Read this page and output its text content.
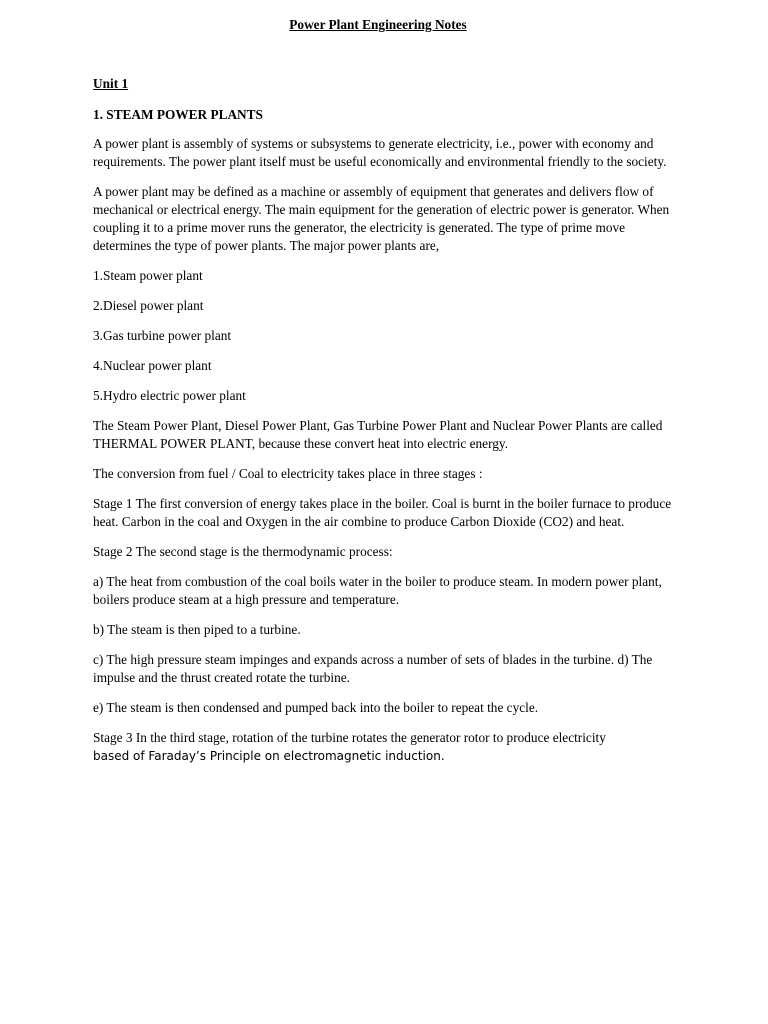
Power Plant Engineering Notes
Unit 1
1. STEAM POWER PLANTS

A power plant is assembly of systems or subsystems to generate electricity, i.e., power with economy and requirements. The power plant itself must be useful economically and environmental friendly to the society.

A power plant may be defined as a machine or assembly of equipment that generates and delivers flow of mechanical or electrical energy. The main equipment for the generation of electric power is generator. When coupling it to a prime mover runs the generator, the electricity is generated. The type of prime move determines the type of power plants. The major power plants are,

1.Steam power plant

2.Diesel power plant

3.Gas turbine power plant

4.Nuclear power plant

5.Hydro electric power plant

The Steam Power Plant, Diesel Power Plant, Gas Turbine Power Plant and Nuclear Power Plants are called THERMAL POWER PLANT, because these convert heat into electric energy.

The conversion from fuel / Coal to electricity takes place in three stages :

Stage 1 The first conversion of energy takes place in the boiler. Coal is burnt in the boiler furnace to produce heat. Carbon in the coal and Oxygen in the air combine to produce Carbon Dioxide (CO2) and heat.

Stage 2 The second stage is the thermodynamic process:

a) The heat from combustion of the coal boils water in the boiler to produce steam. In modern power plant, boilers produce steam at a high pressure and temperature.

b) The steam is then piped to a turbine.

c) The high pressure steam impinges and expands across a number of sets of blades in the turbine. d) The impulse and the thrust created rotate the turbine.

e) The steam is then condensed and pumped back into the boiler to repeat the cycle.

Stage 3 In the third stage, rotation of the turbine rotates the generator rotor to produce electricity
based of Faraday’s Principle on electromagnetic induction.
